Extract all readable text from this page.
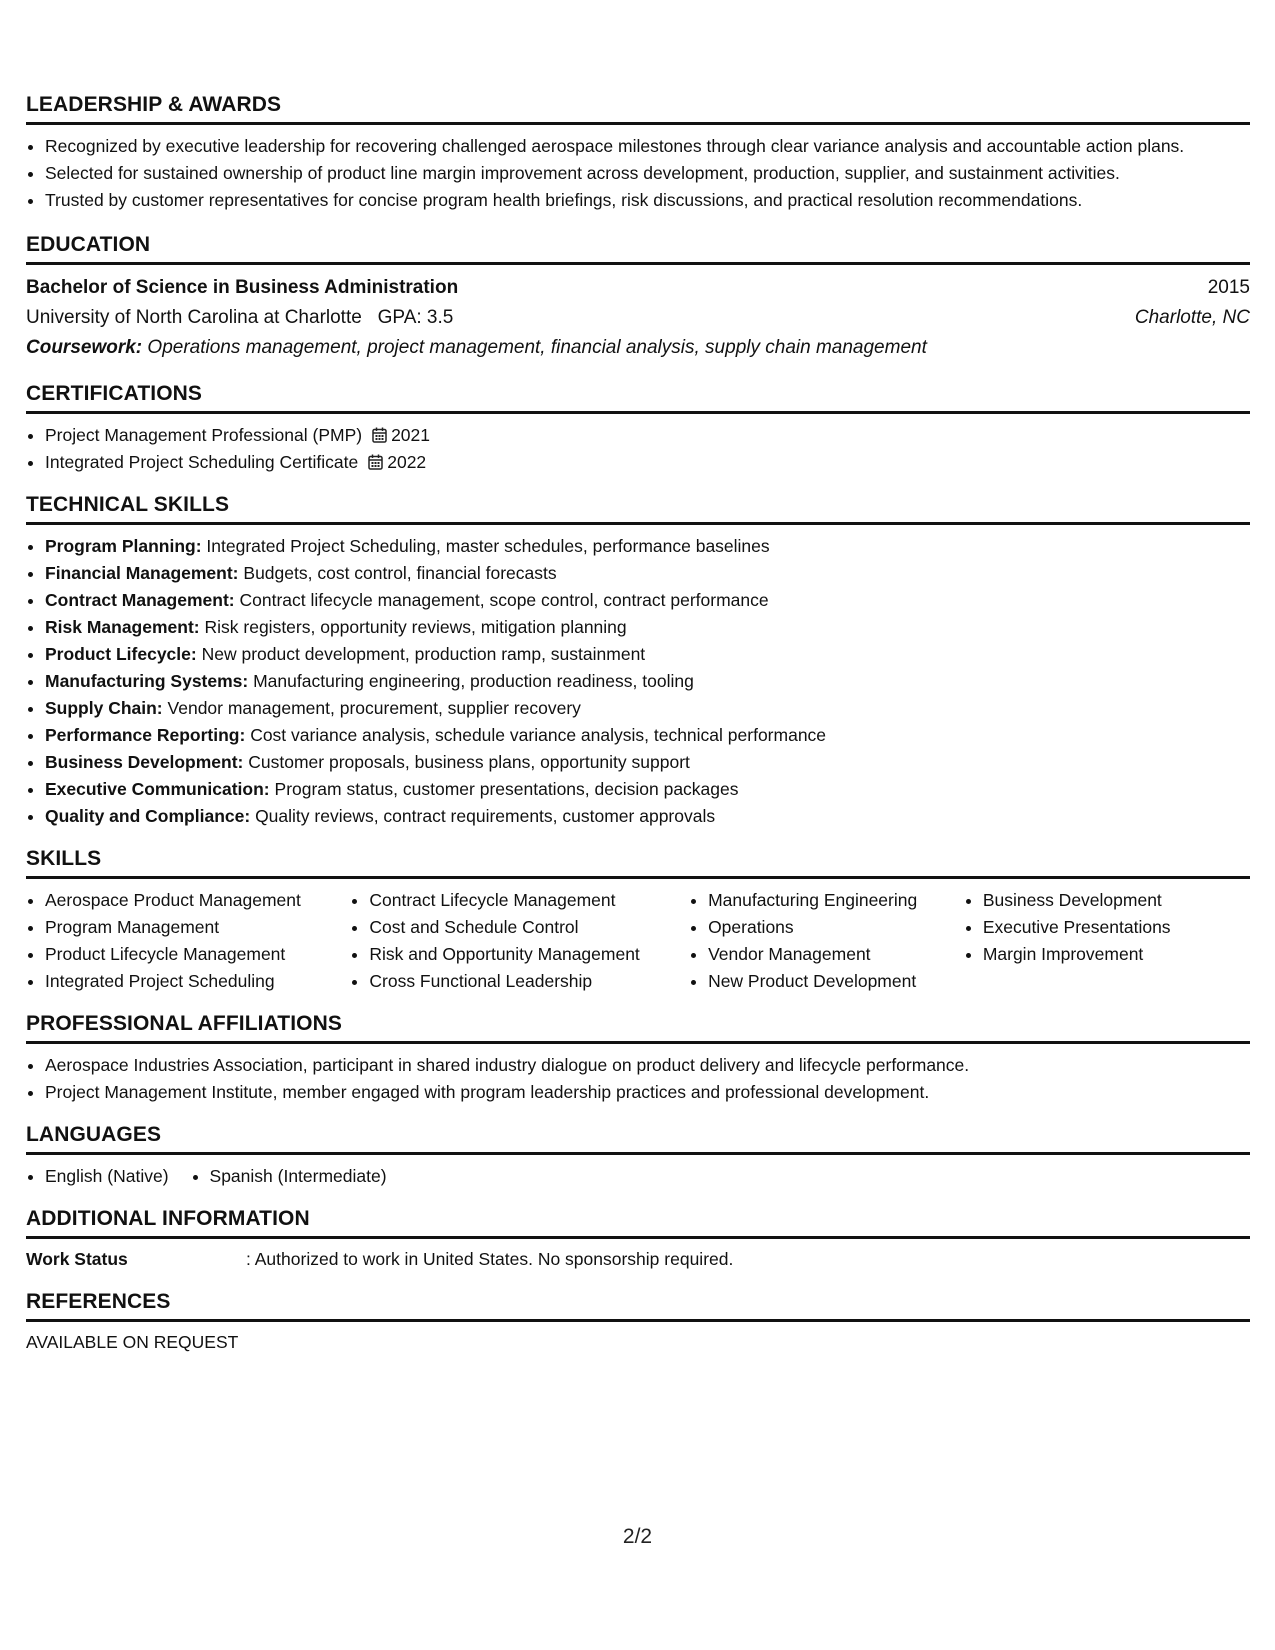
LEADERSHIP & AWARDS
• Recognized by executive leadership for recovering challenged aerospace milestones through clear variance analysis and accountable action plans.
• Selected for sustained ownership of product line margin improvement across development, production, supplier, and sustainment activities.
• Trusted by customer representatives for concise program health briefings, risk discussions, and practical resolution recommendations.
EDUCATION
Bachelor of Science in Business Administration	2015
University of North Carolina at Charlotte GPA: 3.5	Charlotte, NC
Coursework: Operations management, project management, financial analysis, supply chain management
CERTIFICATIONS
• Project Management Professional (PMP) 2021
• Integrated Project Scheduling Certificate 2022
TECHNICAL SKILLS
• Program Planning: Integrated Project Scheduling, master schedules, performance baselines
• Financial Management: Budgets, cost control, financial forecasts
• Contract Management: Contract lifecycle management, scope control, contract performance
• Risk Management: Risk registers, opportunity reviews, mitigation planning
• Product Lifecycle: New product development, production ramp, sustainment
• Manufacturing Systems: Manufacturing engineering, production readiness, tooling
• Supply Chain: Vendor management, procurement, supplier recovery
• Performance Reporting: Cost variance analysis, schedule variance analysis, technical performance
• Business Development: Customer proposals, business plans, opportunity support
• Executive Communication: Program status, customer presentations, decision packages
• Quality and Compliance: Quality reviews, contract requirements, customer approvals
SKILLS
• Aerospace Product Management
• Program Management
• Product Lifecycle Management
• Integrated Project Scheduling
• Contract Lifecycle Management
• Cost and Schedule Control
• Risk and Opportunity Management
• Cross Functional Leadership
• Manufacturing Engineering
• Operations
• Vendor Management
• New Product Development
• Business Development
• Executive Presentations
• Margin Improvement
PROFESSIONAL AFFILIATIONS
• Aerospace Industries Association, participant in shared industry dialogue on product delivery and lifecycle performance.
• Project Management Institute, member engaged with program leadership practices and professional development.
LANGUAGES
• English (Native)
• Spanish (Intermediate)
ADDITIONAL INFORMATION
Work Status	: Authorized to work in United States. No sponsorship required.
REFERENCES
AVAILABLE ON REQUEST
2/2
